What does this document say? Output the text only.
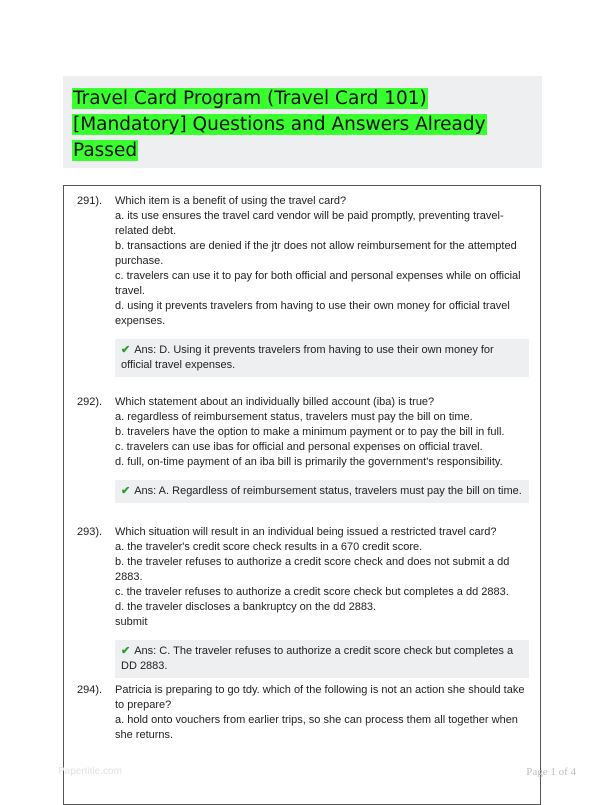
Travel Card Program (Travel Card 101)
[Mandatory] Questions and Answers Already
Passed
291). Which item is a benefit of using the travel card?

a. its use ensures the travel card vendor will be paid promptly, preventing travel-related debt.

b. transactions are denied if the jtr does not allow reimbursement for the attempted purchase.

c. travelers can use it to pay for both official and personal expenses while on official travel.

d. using it prevents travelers from having to use their own money for official travel expenses.

✔ Ans: D. Using it prevents travelers from having to use their own money for official travel expenses.
292). Which statement about an individually billed account (iba) is true?

a. regardless of reimbursement status, travelers must pay the bill on time.

b. travelers have the option to make a minimum payment or to pay the bill in full.

c. travelers can use ibas for official and personal expenses on official travel.

d. full, on-time payment of an iba bill is primarily the government's responsibility.

✔ Ans: A. Regardless of reimbursement status, travelers must pay the bill on time.
293). Which situation will result in an individual being issued a restricted travel card?

a. the traveler's credit score check results in a 670 credit score.

b. the traveler refuses to authorize a credit score check and does not submit a dd 2883.

c. the traveler refuses to authorize a credit score check but completes a dd 2883.

d. the traveler discloses a bankruptcy on the dd 2883.

submit

✔ Ans: C. The traveler refuses to authorize a credit score check but completes a DD 2883.
294). Patricia is preparing to go tdy. which of the following is not an action she should take to prepare?

a. hold onto vouchers from earlier trips, so she can process them all together when she returns.

Papertitle.com	Page 1 of 4
